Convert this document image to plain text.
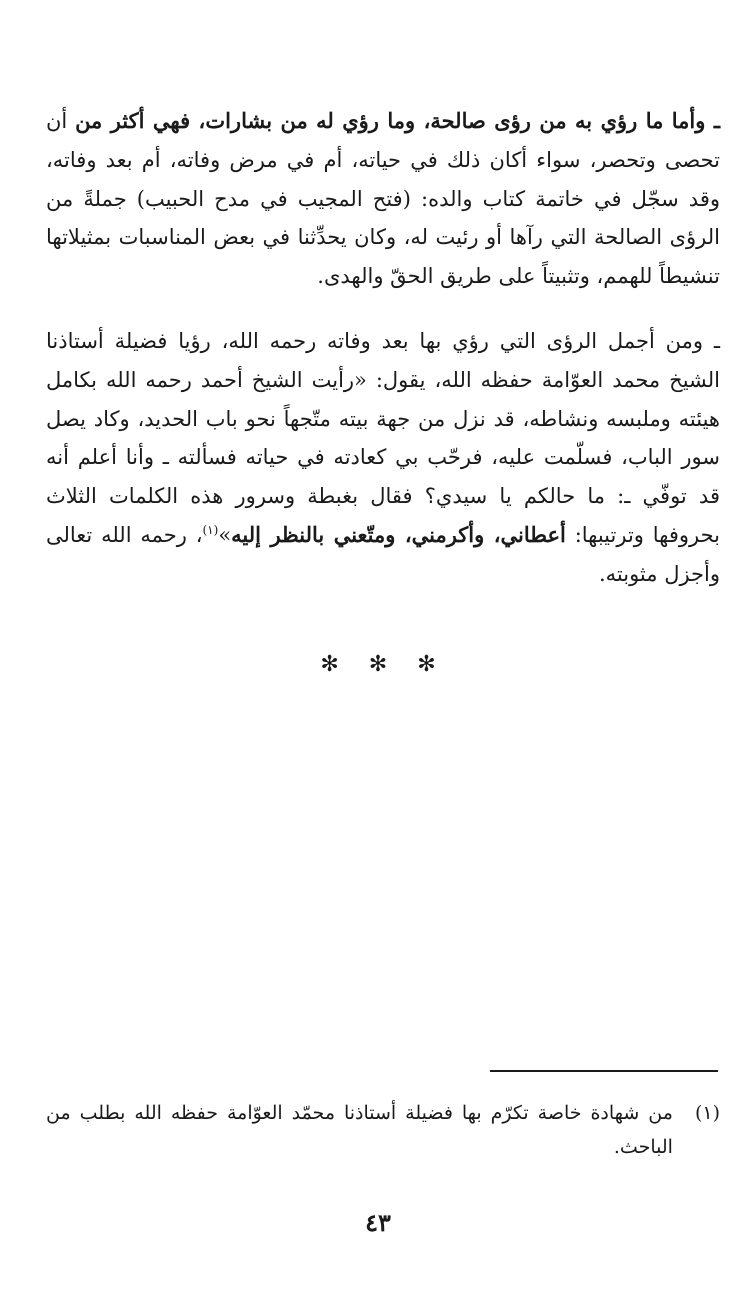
ـ وأما ما رؤي به من رؤى صالحة، وما رؤي له من بشارات، فهي أكثر من أن تحصى وتحصر، سواء أكان ذلك في حياته، أم في مرض وفاته، أم بعد وفاته، وقد سجّل في خاتمة كتاب والده: (فتح المجيب في مدح الحبيب) جملةً من الرؤى الصالحة التي رآها أو رئيت له، وكان يحدِّثنا في بعض المناسبات بمثيلاتها تنشيطاً للهمم، وتثبيتاً على طريق الحقّ والهدى.

ـ ومن أجمل الرؤى التي رؤي بها بعد وفاته رحمه الله، رؤيا فضيلة أستاذنا الشيخ محمد العوّامة حفظه الله، يقول: «رأيت الشيخ أحمد رحمه الله بكامل هيئته وملبسه ونشاطه، قد نزل من جهة بيته متّجهاً نحو باب الحديد، وكاد يصل سور الباب، فسلّمت عليه، فرحّب بي كعادته في حياته فسألته ـ وأنا أعلم أنه قد توفّي ـ: ما حالكم يا سيدي؟ فقال بغبطة وسرور هذه الكلمات الثلاث بحروفها وترتيبها: أعطاني، وأكرمني، ومتّعني بالنظر إليه»$^{(١)}$، رحمه الله تعالى وأجزل مثوبته.

✻✻✻
(١)
من شهادة خاصة تكرّم بها فضيلة أستاذنا محمّد العوّامة حفظه الله بطلب من الباحث.
٤٣
